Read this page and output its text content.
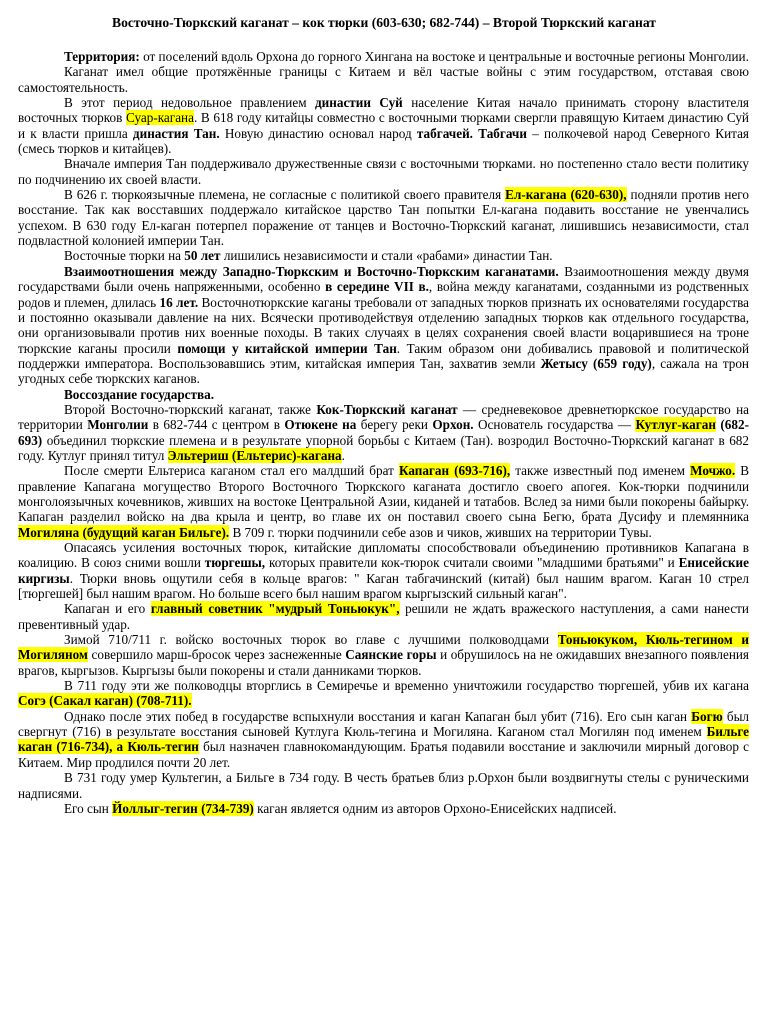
Восточно-Тюркский каганат – кок тюрки (603-630; 682-744) – Второй Тюркский каганат

Территория: от поселений вдоль Орхона до горного Хингана на востоке и центральные и восточные регионы Монголии.

Каганат имел общие протяжённые границы с Китаем и вёл частые войны с этим государством, отставая свою самостоятельность.

В этот период недовольное правлением династии Суй население Китая начало принимать сторону властителя восточных тюрков Суар-кагана. В 618 году китайцы совместно с восточными тюрками свергли правящую Китаем династию Суй и к власти пришла династия Тан. Новую династию основал народ табгачей. Табгачи – полкочевой народ Северного Китая (смесь тюрков и китайцев).

Вначале империя Тан поддерживало дружественные связи с восточными тюрками. но постепенно стало вести политику по подчинению их своей власти.

В 626 г. тюркоязычные племена, не согласные с политикой своего правителя Ел-кагана (620-630), подняли против него восстание. Так как восставших поддержало китайское царство Тан попытки Ел-кагана подавить восстание не увенчались успехом. В 630 году Ел-каган потерпел поражение от танцев и Восточно-Тюркский каганат, лишившись независимости, стал подвластной колонией империи Тан.

Восточные тюрки на 50 лет лишились независимости и стали «рабами» династии Тан.

Взаимоотношения между Западно-Тюркским и Восточно-Тюркским каганатами. Взаимоотношения между двумя государствами были очень напряженными, особенно в середине VII в., война между каганатами, созданными из родственных родов и племен, длилась 16 лет. Восточнотюркские каганы требовали от западных тюрков признать их основателями государства и постоянно оказывали давление на них. Всячески противодействуя отделению западных тюрков как отдельного государства, они организовывали против них военные походы. В таких случаях в целях сохранения своей власти воцарившиеся на троне тюркские каганы просили помощи у китайской империи Тан. Таким образом они добивались правовой и политической поддержки императора. Воспользовавшись этим, китайская империя Тан, захватив земли Жетысу (659 году), сажала на трон угодных себе тюркских каганов.

Воссоздание государства.

Второй Восточно-тюркский каганат, также Кок-Тюркский каганат — средневековое древнетюркское государство на территории Монголии в 682-744 с центром в Отюкене на берегу реки Орхон. Основатель государства — Кутлуг-каган (682-693) объединил тюркские племена и в результате упорной борьбы с Китаем (Тан). возродил Восточно-Тюркский каганат в 682 году. Кутлуг принял титул Эльтериш (Ельтерис)-кагана.

После смерти Ельтериса каганом стал его малдший брат Капаган (693-716), также известный под именем Мочжо. В правление Капагана могущество Второго Восточного Тюркского каганата достигло своего апогея. Кок-тюрки подчинили монголоязычных кочевников, живших на востоке Центральной Азии, киданей и татабов. Вслед за ними были покорены байырку. Капаган разделил войско на два крыла и центр, во главе их он поставил своего сына Бегю, брата Дусифу и племянника Могиляна (будущий каган Бильге). В 709 г. тюрки подчинили себе азов и чиков, живших на территории Тувы.

Опасаясь усиления восточных тюрок, китайские дипломаты способствовали объединению противников Капагана в коалицию. В союз сними вошли тюргешы, которых правители кок-тюрок считали своими "младшими братьями" и Енисейские киргизы. Тюрки вновь ощутили себя в кольце врагов: " Каган табгачинский (китай) был нашим врагом. Каган 10 стрел [тюргешей] был нашим врагом. Но больше всего был нашим врагом кыргызский сильный каган".

Капаган и его главный советник "мудрый Тоньюкук", решили не ждать вражеского наступления, а сами нанести превентивный удар.

Зимой 710/711 г. войско восточных тюрок во главе с лучшими полководцами Тоньюкуком, Кюль-тегином и Могиляном совершило марш-бросок через заснеженные Саянские горы и обрушилось на не ожидавших внезапного появления врагов, кыргызов. Кыргызы были покорены и стали данниками тюрков.

В 711 году эти же полководцы вторглись в Семиречье и временно уничтожили государство тюргешей, убив их кагана Согэ (Сакал каган) (708-711).

Однако после этих побед в государстве вспыхнули восстания и каган Капаган был убит (716). Его сын каган Богю был свергнут (716) в результате восстания сыновей Кутлуга Кюль-тегина и Могиляна. Каганом стал Могилян под именем Бильге каган (716-734), а Кюль-тегин был назначен главнокомандующим. Братья подавили восстание и заключили мирный договор с Китаем. Мир продлился почти 20 лет.

В 731 году умер Культегин, а Бильге в 734 году. В честь братьев близ р.Орхон были воздвигнуты стелы с руническими надписями.

Его сын Йоллыг-тегин (734-739) каган является одним из авторов Орхоно-Енисейских надписей.
